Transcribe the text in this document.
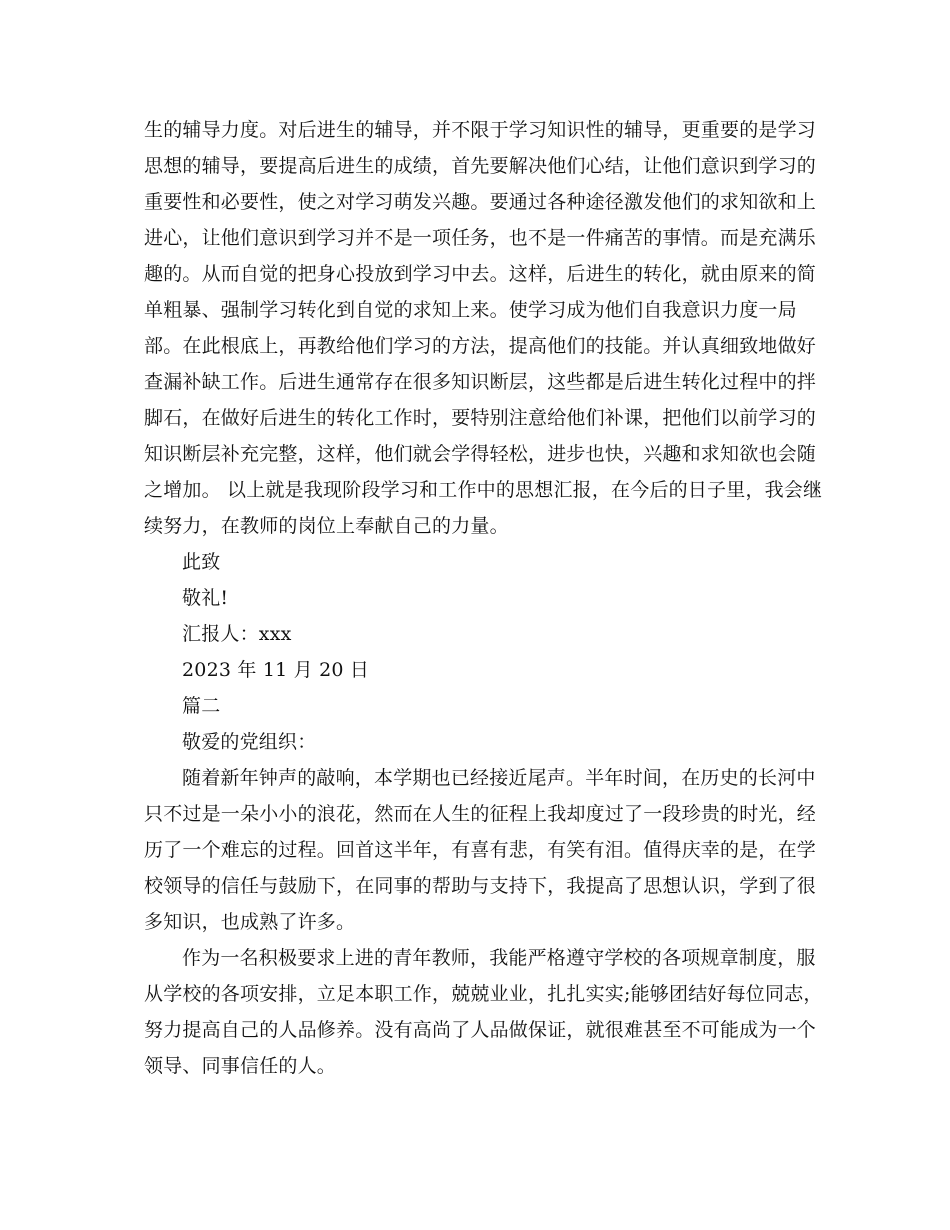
生的辅导力度。对后进生的辅导，并不限于学习知识性的辅导，更重要的是学习
思想的辅导，要提高后进生的成绩，首先要解决他们心结，让他们意识到学习的
重要性和必要性，使之对学习萌发兴趣。要通过各种途径激发他们的求知欲和上
进心，让他们意识到学习并不是一项任务，也不是一件痛苦的事情。而是充满乐
趣的。从而自觉的把身心投放到学习中去。这样，后进生的转化，就由原来的简
单粗暴、强制学习转化到自觉的求知上来。使学习成为他们自我意识力度一局
部。在此根底上，再教给他们学习的方法，提高他们的技能。并认真细致地做好
查漏补缺工作。后进生通常存在很多知识断层，这些都是后进生转化过程中的拌
脚石，在做好后进生的转化工作时，要特别注意给他们补课，把他们以前学习的
知识断层补充完整，这样，他们就会学得轻松，进步也快，兴趣和求知欲也会随
之增加。 以上就是我现阶段学习和工作中的思想汇报，在今后的日子里，我会继
续努力，在教师的岗位上奉献自己的力量。
此致
敬礼!
汇报人：xxx
2023 年 11 月 20 日
篇二
敬爱的党组织：
随着新年钟声的敲响，本学期也已经接近尾声。半年时间，在历史的长河中
只不过是一朵小小的浪花，然而在人生的征程上我却度过了一段珍贵的时光，经
历了一个难忘的过程。回首这半年，有喜有悲，有笑有泪。值得庆幸的是，在学
校领导的信任与鼓励下，在同事的帮助与支持下，我提高了思想认识，学到了很
多知识，也成熟了许多。
作为一名积极要求上进的青年教师，我能严格遵守学校的各项规章制度，服
从学校的各项安排，立足本职工作，兢兢业业，扎扎实实;能够团结好每位同志，
努力提高自己的人品修养。没有高尚了人品做保证，就很难甚至不可能成为一个
领导、同事信任的人。
